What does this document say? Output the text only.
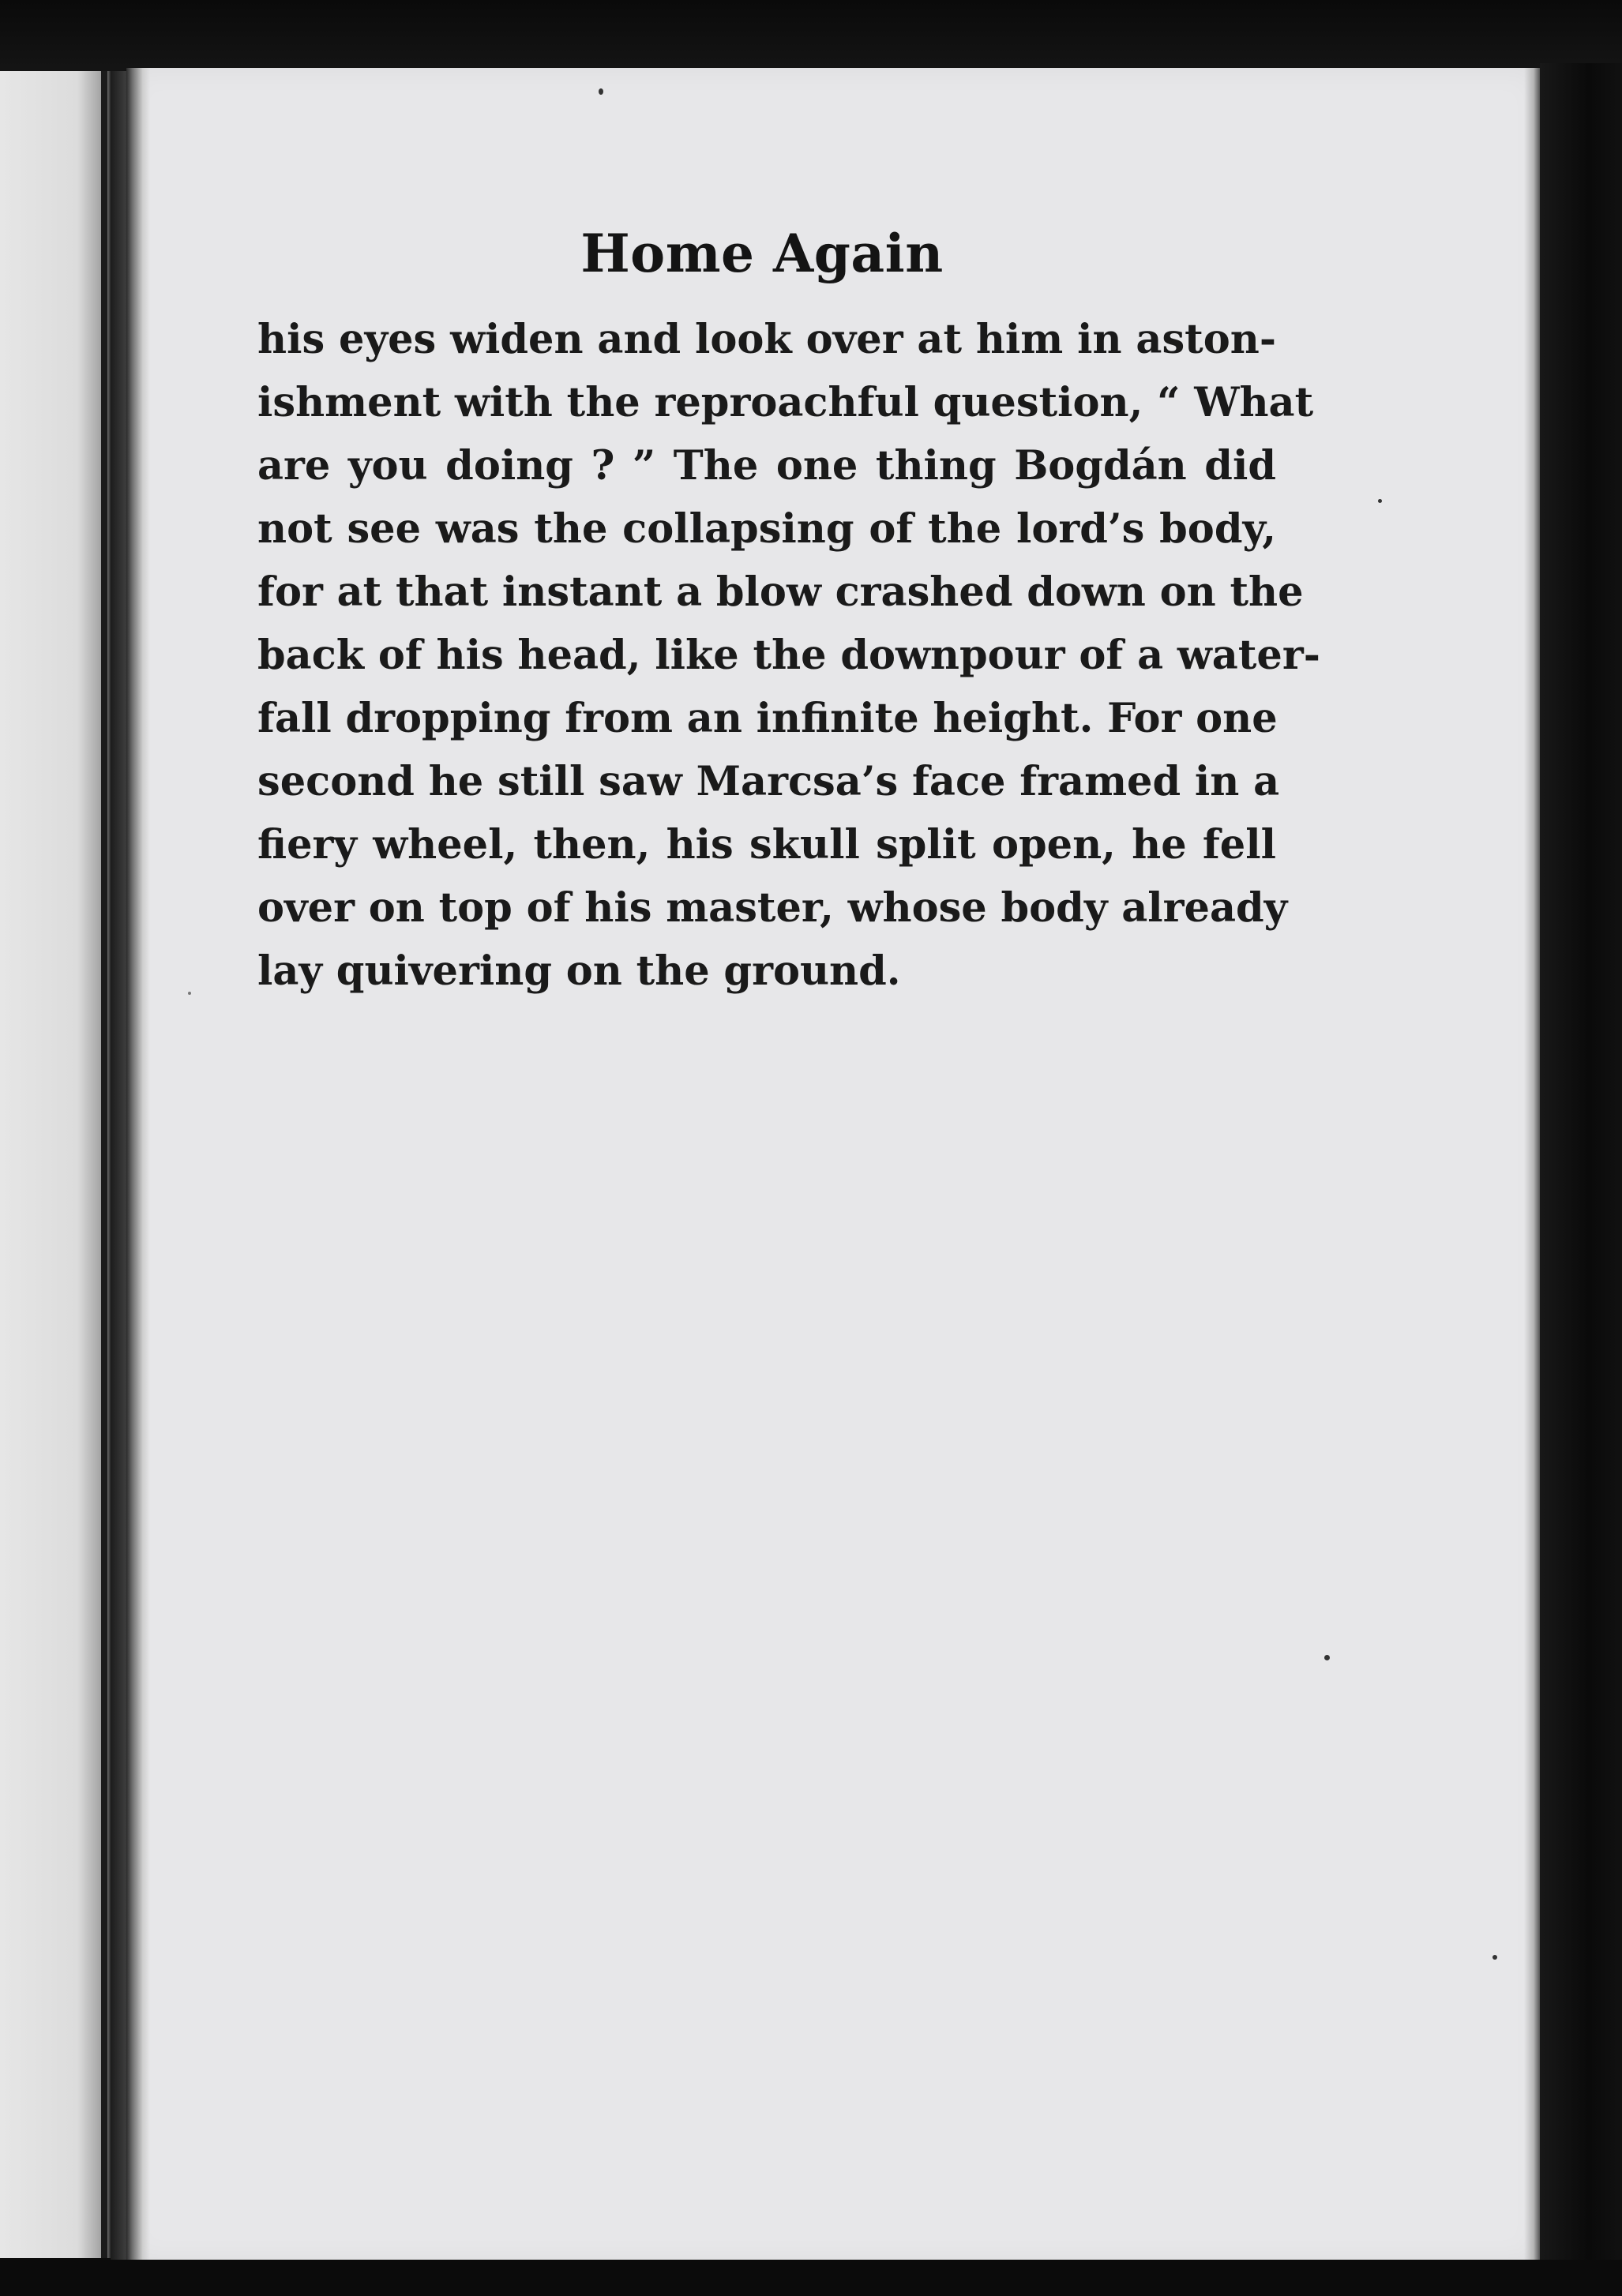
Home Again
his eyes widen and look over at him in aston-
ishment with the reproachful question, “ What
are you doing ? ” The one thing Bogdán did
not see was the collapsing of the lord’s body,
for at that instant a blow crashed down on the
back of his head, like the downpour of a water-
fall dropping from an infinite height. For one
second he still saw Marcsa’s face framed in a
fiery wheel, then, his skull split open, he fell
over on top of his master, whose body already
lay quivering on the ground.
